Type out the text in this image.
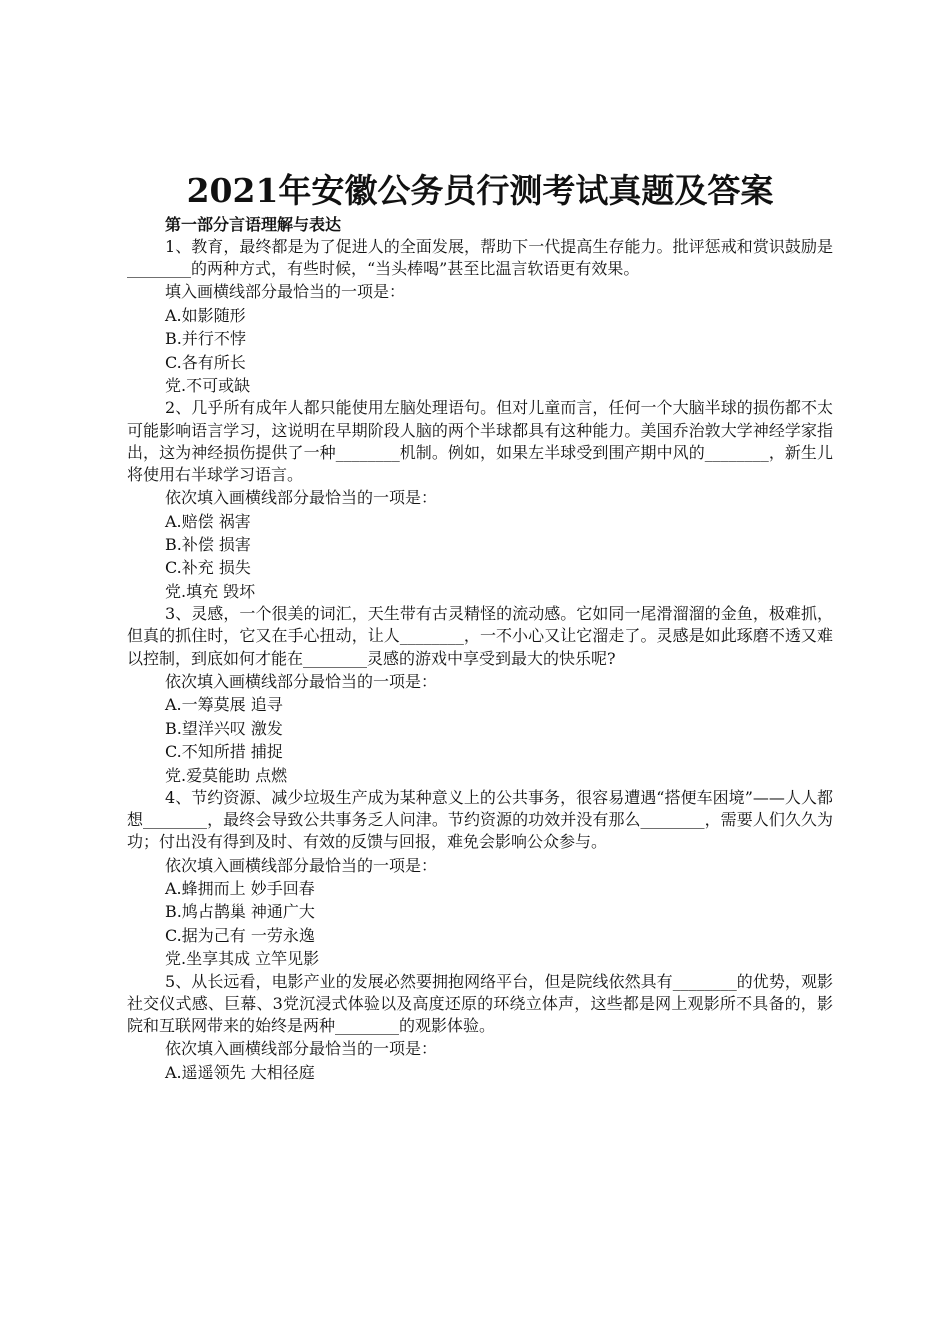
2021年安徽公务员行测考试真题及答案

第一部分言语理解与表达

1、教育，最终都是为了促进人的全面发展，帮助下一代提高生存能力。批评惩戒和赏识鼓励是________的两种方式，有些时候，“当头棒喝”甚至比温言软语更有效果。

填入画横线部分最恰当的一项是：

A.如影随形

B.并行不悖

C.各有所长

党.不可或缺

2、几乎所有成年人都只能使用左脑处理语句。但对儿童而言，任何一个大脑半球的损伤都不太可能影响语言学习，这说明在早期阶段人脑的两个半球都具有这种能力。美国乔治敦大学神经学家指出，这为神经损伤提供了一种________机制。例如，如果左半球受到围产期中风的________，新生儿将使用右半球学习语言。

依次填入画横线部分最恰当的一项是：

A.赔偿 祸害

B.补偿 损害

C.补充 损失

党.填充 毁坏

3、灵感，一个很美的词汇，天生带有古灵精怪的流动感。它如同一尾滑溜溜的金鱼，极难抓，但真的抓住时，它又在手心扭动，让人________，一不小心又让它溜走了。灵感是如此琢磨不透又难以控制，到底如何才能在________灵感的游戏中享受到最大的快乐呢?

依次填入画横线部分最恰当的一项是：

A.一筹莫展 追寻

B.望洋兴叹 激发

C.不知所措 捕捉

党.爱莫能助 点燃

4、节约资源、减少垃圾生产成为某种意义上的公共事务，很容易遭遇“搭便车困境”——人人都想________，最终会导致公共事务乏人问津。节约资源的功效并没有那么________，需要人们久久为功；付出没有得到及时、有效的反馈与回报，难免会影响公众参与。

依次填入画横线部分最恰当的一项是：

A.蜂拥而上 妙手回春

B.鸠占鹊巢 神通广大

C.据为己有 一劳永逸

党.坐享其成 立竿见影

5、从长远看，电影产业的发展必然要拥抱网络平台，但是院线依然具有________的优势，观影社交仪式感、巨幕、3党沉浸式体验以及高度还原的环绕立体声，这些都是网上观影所不具备的，影院和互联网带来的始终是两种________的观影体验。

依次填入画横线部分最恰当的一项是：

A.遥遥领先 大相径庭
